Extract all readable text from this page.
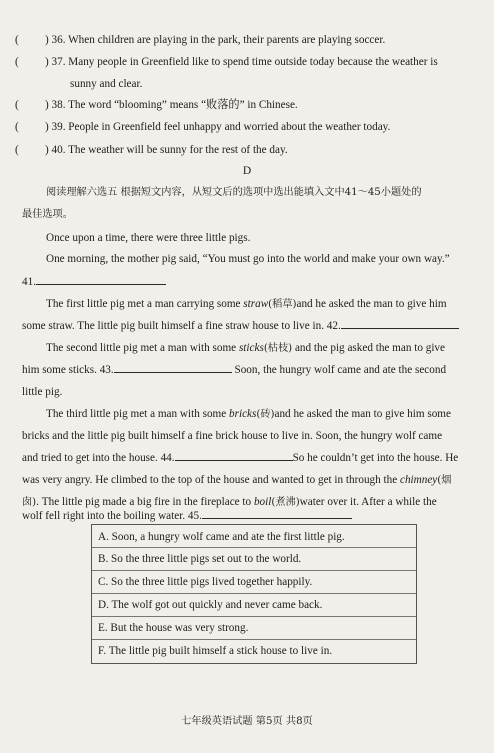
( ) 36. When children are playing in the park, their parents are playing soccer.
( ) 37. Many people in Greenfield like to spend time outside today because the weather is
sunny and clear.
( ) 38. The word “blooming” means “败落的” in Chinese.
( ) 39. People in Greenfield feel unhappy and worried about the weather today.
( ) 40. The weather will be sunny for the rest of the day.
D
阅读理解六选五 根据短文内容，从短文后的选项中选出能填入文中41～45小题处的
最佳选项。
Once upon a time, there were three little pigs.
One morning, the mother pig said, “You must go into the world and make your own way.”
41.
The first little pig met a man carrying some straw(稻草)and he asked the man to give him
some straw. The little pig built himself a fine straw house to live in. 42.
The second little pig met a man with some sticks(枯枝) and the pig asked the man to give
him some sticks. 43.	Soon, the hungry wolf came and ate the second
little pig.
The third little pig met a man with some bricks(砖)and he asked the man to give him some
bricks and the little pig built himself a fine brick house to live in. Soon, the hungry wolf came
and tried to get into the house. 44.	So he couldn’t get into the house. He
was very angry. He climbed to the top of the house and wanted to get in through the chimney(烟
囱). The little pig made a big fire in the fireplace to boil(煮沸)water over it. After a while the
wolf fell right into the boiling water. 45.
A. Soon, a hungry wolf came and ate the first little pig.
B. So the three little pigs set out to the world.
C. So the three little pigs lived together happily.
D. The wolf got out quickly and never came back.
E. But the house was very strong.
F. The little pig built himself a stick house to live in.
七年级英语试题 第5页 共8页
